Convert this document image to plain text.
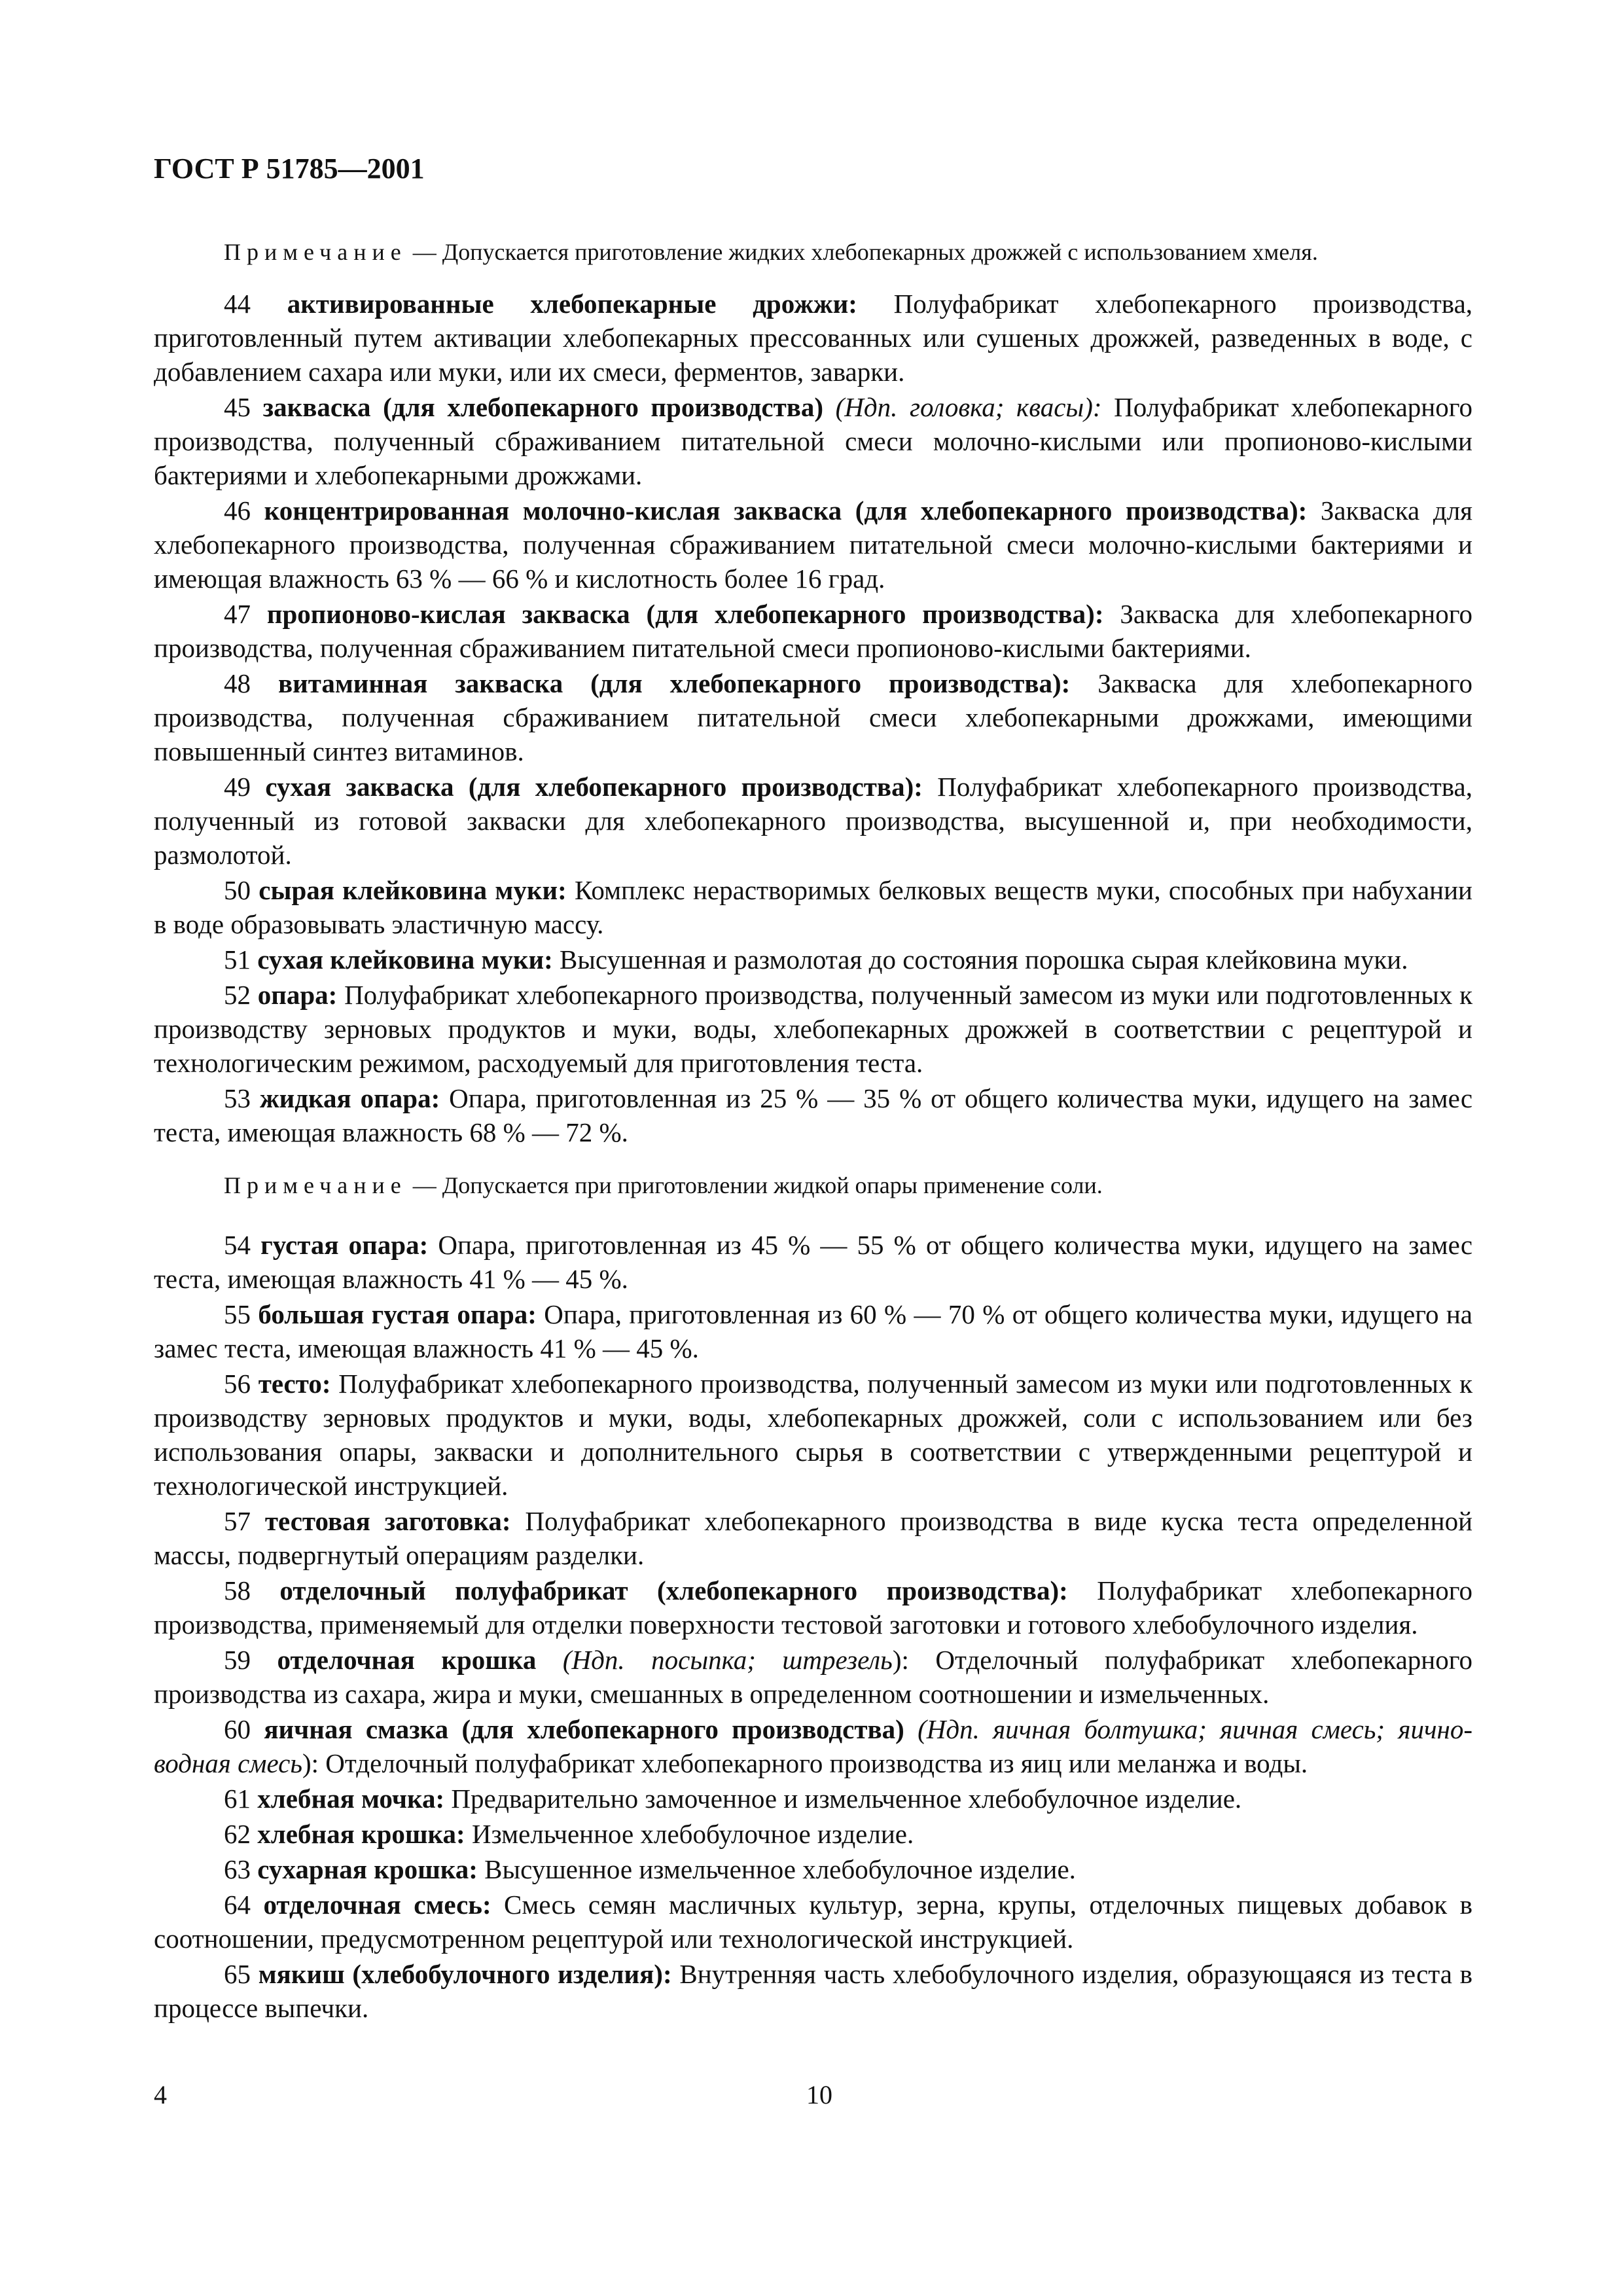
ГОСТ Р 51785—2001

Примечание — Допускается приготовление жидких хлебопекарных дрожжей с использованием хмеля.

44 активированные хлебопекарные дрожжи: Полуфабрикат хлебопекарного производства, приготовленный путем активации хлебопекарных прессованных или сушеных дрожжей, разведенных в воде, с добавлением сахара или муки, или их смеси, ферментов, заварки.

45 закваска (для хлебопекарного производства) (Ндп. головка; квасы): Полуфабрикат хлебопекарного производства, полученный сбраживанием питательной смеси молочно-кислыми или пропионово-кислыми бактериями и хлебопекарными дрожжами.

46 концентрированная молочно-кислая закваска (для хлебопекарного производства): Закваска для хлебопекарного производства, полученная сбраживанием питательной смеси молочно-кислыми бактериями и имеющая влажность 63 % — 66 % и кислотность более 16 град.

47 пропионово-кислая закваска (для хлебопекарного производства): Закваска для хлебопекарного производства, полученная сбраживанием питательной смеси пропионово-кислыми бактериями.

48 витаминная закваска (для хлебопекарного производства): Закваска для хлебопекарного производства, полученная сбраживанием питательной смеси хлебопекарными дрожжами, имеющими повышенный синтез витаминов.

49 сухая закваска (для хлебопекарного производства): Полуфабрикат хлебопекарного производства, полученный из готовой закваски для хлебопекарного производства, высушенной и, при необходимости, размолотой.

50 сырая клейковина муки: Комплекс нерастворимых белковых веществ муки, способных при набухании в воде образовывать эластичную массу.

51 сухая клейковина муки: Высушенная и размолотая до состояния порошка сырая клейковина муки.

52 опара: Полуфабрикат хлебопекарного производства, полученный замесом из муки или подготовленных к производству зерновых продуктов и муки, воды, хлебопекарных дрожжей в соответствии с рецептурой и технологическим режимом, расходуемый для приготовления теста.

53 жидкая опара: Опара, приготовленная из 25 % — 35 % от общего количества муки, идущего на замес теста, имеющая влажность 68 % — 72 %.

Примечание — Допускается при приготовлении жидкой опары применение соли.

54 густая опара: Опара, приготовленная из 45 % — 55 % от общего количества муки, идущего на замес теста, имеющая влажность 41 % — 45 %.

55 большая густая опара: Опара, приготовленная из 60 % — 70 % от общего количества муки, идущего на замес теста, имеющая влажность 41 % — 45 %.

56 тесто: Полуфабрикат хлебопекарного производства, полученный замесом из муки или подготовленных к производству зерновых продуктов и муки, воды, хлебопекарных дрожжей, соли с использованием или без использования опары, закваски и дополнительного сырья в соответствии с утвержденными рецептурой и технологической инструкцией.

57 тестовая заготовка: Полуфабрикат хлебопекарного производства в виде куска теста определенной массы, подвергнутый операциям разделки.

58 отделочный полуфабрикат (хлебопекарного производства): Полуфабрикат хлебопекарного производства, применяемый для отделки поверхности тестовой заготовки и готового хлебобулочного изделия.

59 отделочная крошка (Ндп. посыпка; штрезель): Отделочный полуфабрикат хлебопекарного производства из сахара, жира и муки, смешанных в определенном соотношении и измельченных.

60 яичная смазка (для хлебопекарного производства) (Ндп. яичная болтушка; яичная смесь; яично-водная смесь): Отделочный полуфабрикат хлебопекарного производства из яиц или меланжа и воды.

61 хлебная мочка: Предварительно замоченное и измельченное хлебобулочное изделие.

62 хлебная крошка: Измельченное хлебобулочное изделие.

63 сухарная крошка: Высушенное измельченное хлебобулочное изделие.

64 отделочная смесь: Смесь семян масличных культур, зерна, крупы, отделочных пищевых добавок в соотношении, предусмотренном рецептурой или технологической инструкцией.

65 мякиш (хлебобулочного изделия): Внутренняя часть хлебобулочного изделия, образующаяся из теста в процессе выпечки.

4	10
